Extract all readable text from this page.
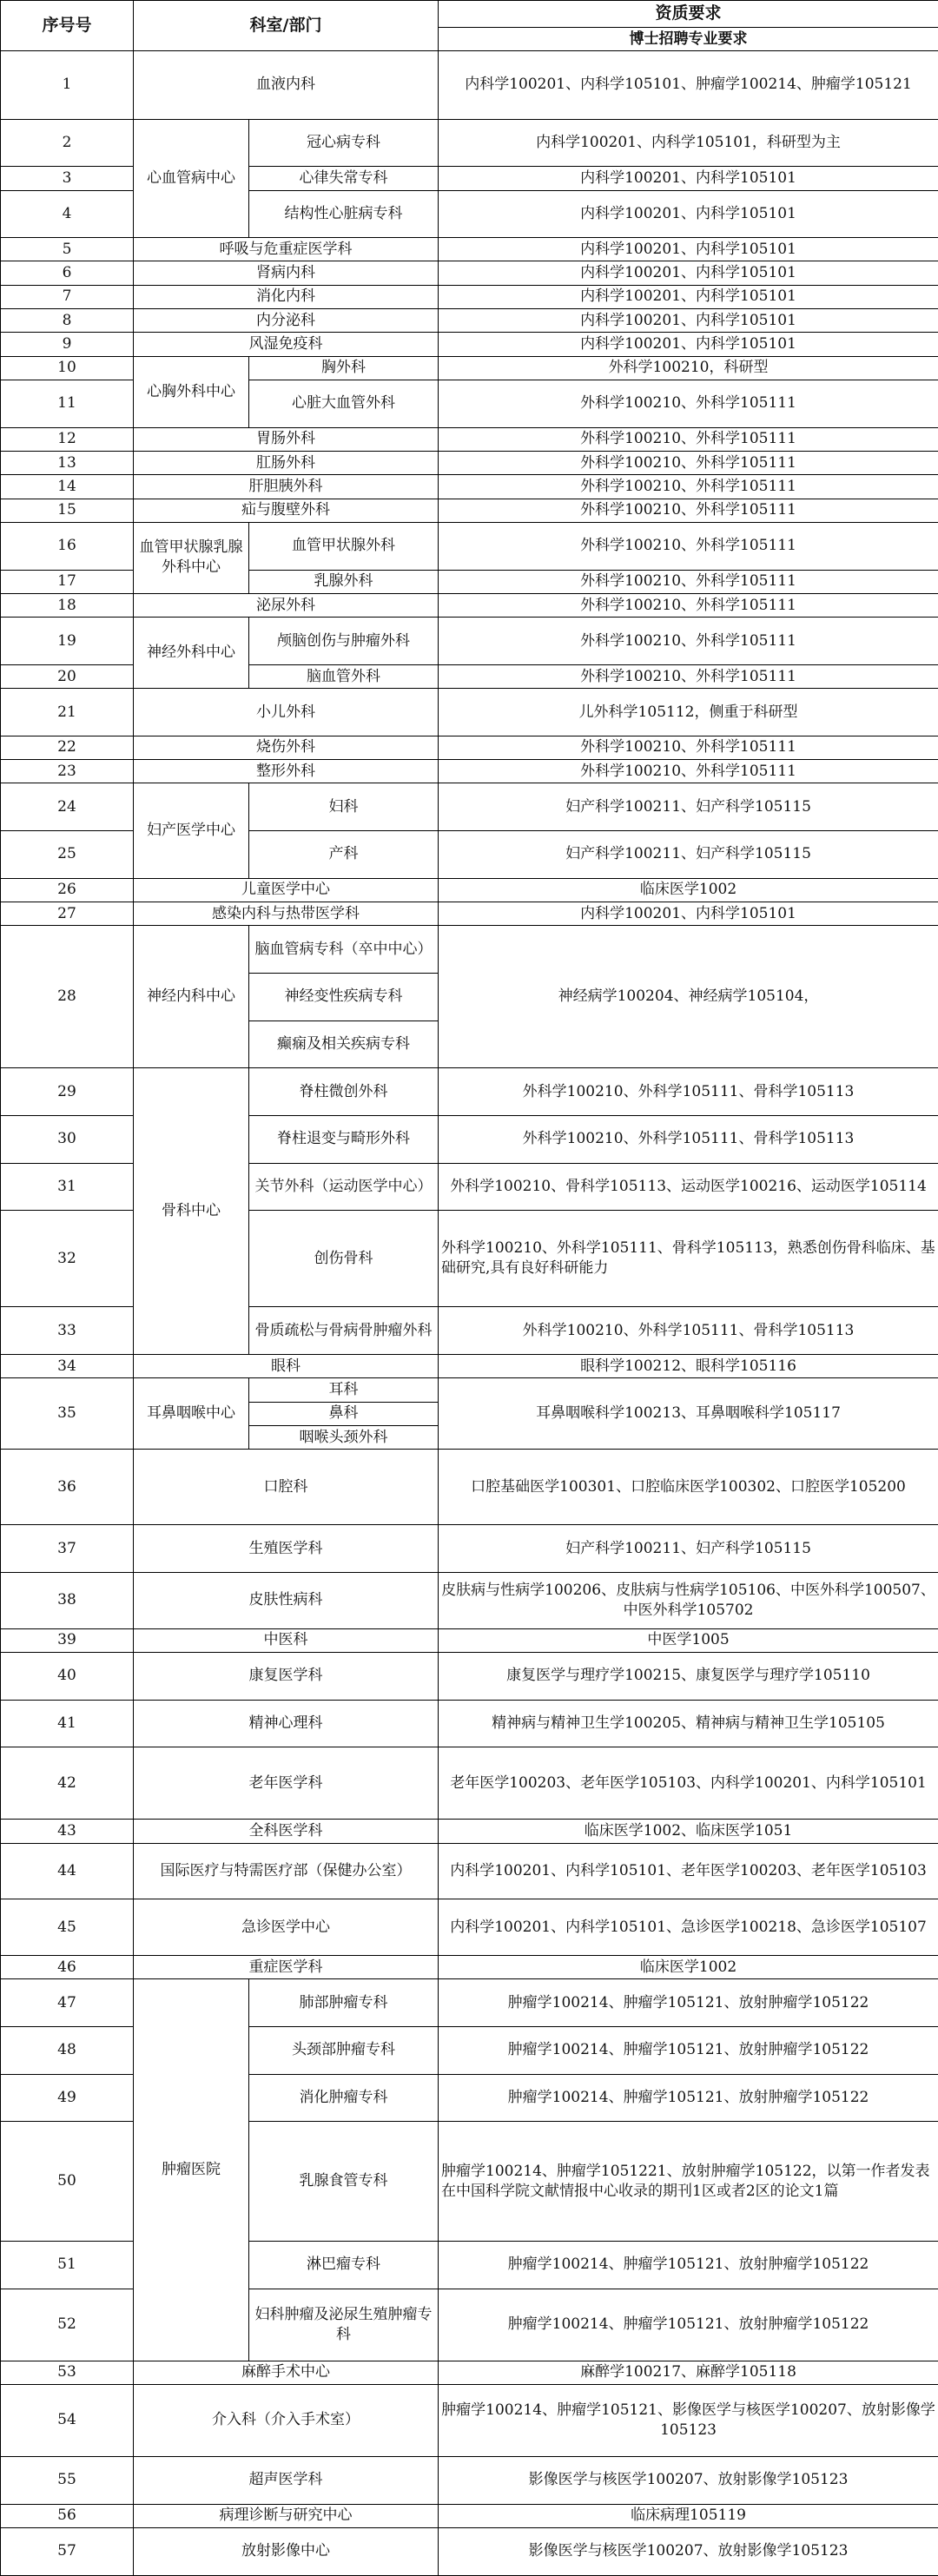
序号号	科室/部门		资质要求
			博士招聘专业要求
1	血液内科		内科学100201、内科学105101、肿瘤学100214、肿瘤学105121
2	心血管病中心	冠心病专科	内科学100201、内科学105101，科研型为主
3		心律失常专科	内科学100201、内科学105101
4		结构性心脏病专科	内科学100201、内科学105101
5	呼吸与危重症医学科		内科学100201、内科学105101
6	肾病内科		内科学100201、内科学105101
7	消化内科		内科学100201、内科学105101
8	内分泌科		内科学100201、内科学105101
9	风湿免疫科		内科学100201、内科学105101
10	心胸外科中心	胸外科	外科学100210，科研型
11		心脏大血管外科	外科学100210、外科学105111
12	胃肠外科		外科学100210、外科学105111
13	肛肠外科		外科学100210、外科学105111
14	肝胆胰外科		外科学100210、外科学105111
15	疝与腹壁外科		外科学100210、外科学105111
16	血管甲状腺乳腺外科中心	血管甲状腺外科	外科学100210、外科学105111
17		乳腺外科	外科学100210、外科学105111
18	泌尿外科		外科学100210、外科学105111
19	神经外科中心	颅脑创伤与肿瘤外科	外科学100210、外科学105111
20		脑血管外科	外科学100210、外科学105111
21	小儿外科		儿外科学105112，侧重于科研型
22	烧伤外科		外科学100210、外科学105111
23	整形外科		外科学100210、外科学105111
24	妇产医学中心	妇科	妇产科学100211、妇产科学105115
25		产科	妇产科学100211、妇产科学105115
26	儿童医学中心		临床医学1002
27	感染内科与热带医学科		内科学100201、内科学105101
28	神经内科中心	脑血管病专科（卒中中心）	神经病学100204、神经病学105104，
		神经变性疾病专科	
		癫痫及相关疾病专科	
29	骨科中心	脊柱微创外科	外科学100210、外科学105111、骨科学105113
30		脊柱退变与畸形外科	外科学100210、外科学105111、骨科学105113
31		关节外科（运动医学中心）	外科学100210、骨科学105113、运动医学100216、运动医学105114
32		创伤骨科	外科学100210、外科学105111、骨科学105113，熟悉创伤骨科临床、基础研究,具有良好科研能力
33		骨质疏松与骨病骨肿瘤外科	外科学100210、外科学105111、骨科学105113
34	眼科		眼科学100212、眼科学105116
35	耳鼻咽喉中心	耳科	耳鼻咽喉科学100213、耳鼻咽喉科学105117
		鼻科	
		咽喉头颈外科	
36	口腔科		口腔基础医学100301、口腔临床医学100302、口腔医学105200
37	生殖医学科		妇产科学100211、妇产科学105115
38	皮肤性病科		皮肤病与性病学100206、皮肤病与性病学105106、中医外科学100507、中医外科学105702
39	中医科		中医学1005
40	康复医学科		康复医学与理疗学100215、康复医学与理疗学105110
41	精神心理科		精神病与精神卫生学100205、精神病与精神卫生学105105
42	老年医学科		老年医学100203、老年医学105103、内科学100201、内科学105101
43	全科医学科		临床医学1002、临床医学1051
44	国际医疗与特需医疗部（保健办公室）		内科学100201、内科学105101、老年医学100203、老年医学105103
45	急诊医学中心		内科学100201、内科学105101、急诊医学100218、急诊医学105107
46	重症医学科		临床医学1002
47	肿瘤医院	肺部肿瘤专科	肿瘤学100214、肿瘤学105121、放射肿瘤学105122
48		头颈部肿瘤专科	肿瘤学100214、肿瘤学105121、放射肿瘤学105122
49		消化肿瘤专科	肿瘤学100214、肿瘤学105121、放射肿瘤学105122
50		乳腺食管专科	肿瘤学100214、肿瘤学1051221、放射肿瘤学105122，以第一作者发表在中国科学院文献情报中心收录的期刊1区或者2区的论文1篇
51		淋巴瘤专科	肿瘤学100214、肿瘤学105121、放射肿瘤学105122
52		妇科肿瘤及泌尿生殖肿瘤专科	肿瘤学100214、肿瘤学105121、放射肿瘤学105122
53	麻醉手术中心		麻醉学100217、麻醉学105118
54	介入科（介入手术室）		肿瘤学100214、肿瘤学105121、影像医学与核医学100207、放射影像学105123
55	超声医学科		影像医学与核医学100207、放射影像学105123
56	病理诊断与研究中心		临床病理105119
57	放射影像中心		影像医学与核医学100207、放射影像学105123
